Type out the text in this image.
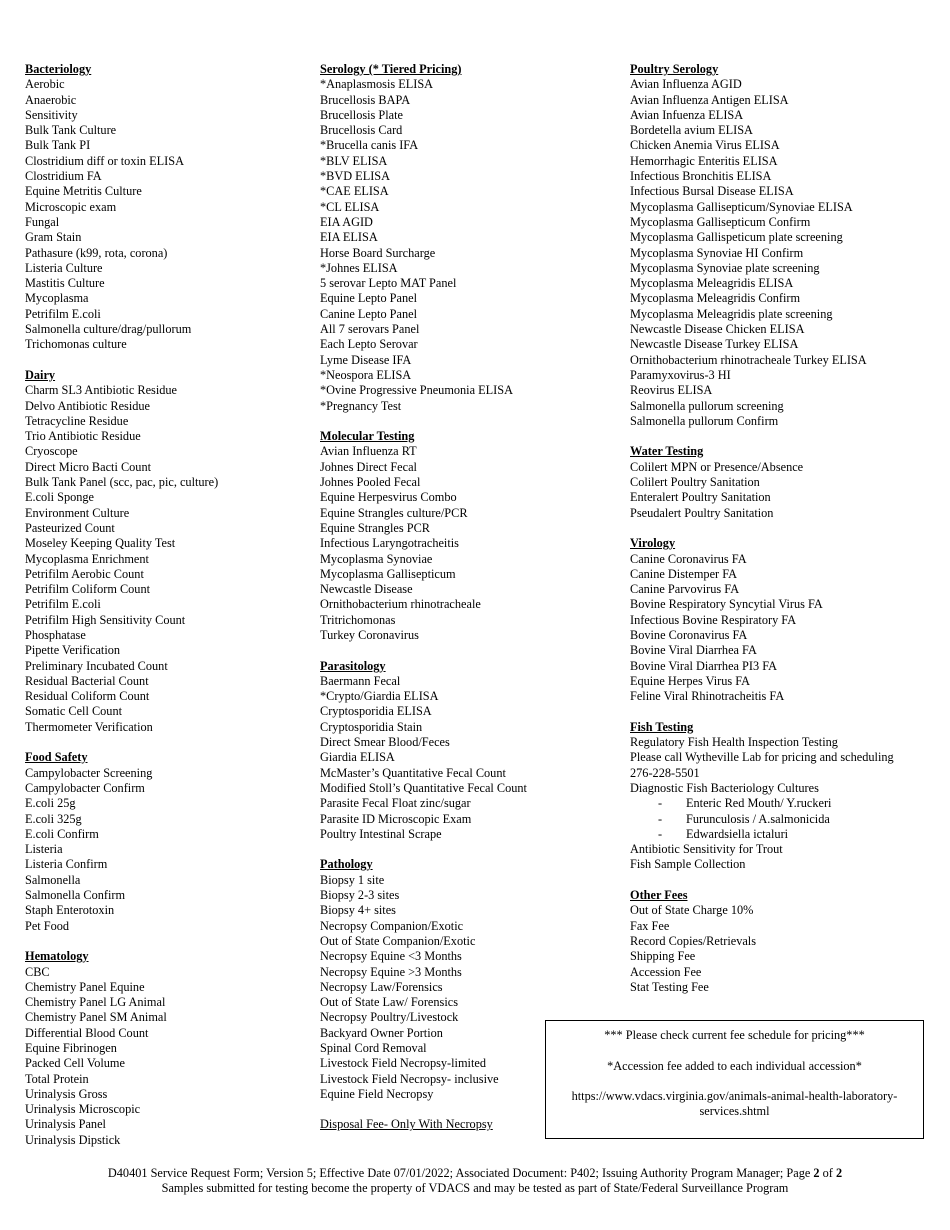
Bacteriology
Aerobic
Anaerobic
Sensitivity
Bulk Tank Culture
Bulk Tank PI
Clostridium diff or toxin ELISA
Clostridium FA
Equine Metritis Culture
Microscopic exam
Fungal
Gram Stain
Pathasure (k99, rota, corona)
Listeria Culture
Mastitis Culture
Mycoplasma
Petrifilm E.coli
Salmonella culture/drag/pullorum
Trichomonas culture
Dairy
Charm SL3 Antibiotic Residue
Delvo Antibiotic Residue
Tetracycline Residue
Trio Antibiotic Residue
Cryoscope
Direct Micro Bacti Count
Bulk Tank Panel (scc, pac, pic, culture)
E.coli Sponge
Environment Culture
Pasteurized Count
Moseley Keeping Quality Test
Mycoplasma Enrichment
Petrifilm Aerobic Count
Petrifilm Coliform Count
Petrifilm E.coli
Petrifilm High Sensitivity Count
Phosphatase
Pipette Verification
Preliminary Incubated Count
Residual Bacterial Count
Residual Coliform Count
Somatic Cell Count
Thermometer Verification
Food Safety
Campylobacter Screening
Campylobacter Confirm
E.coli 25g
E.coli 325g
E.coli Confirm
Listeria
Listeria Confirm
Salmonella
Salmonella Confirm
Staph Enterotoxin
Pet Food
Hematology
CBC
Chemistry Panel Equine
Chemistry Panel LG Animal
Chemistry Panel SM Animal
Differential Blood Count
Equine Fibrinogen
Packed Cell Volume
Total Protein
Urinalysis Gross
Urinalysis Microscopic
Urinalysis Panel
Urinalysis Dipstick
Serology (* Tiered Pricing)
*Anaplasmosis ELISA
Brucellosis BAPA
Brucellosis Plate
Brucellosis Card
*Brucella canis IFA
*BLV ELISA
*BVD ELISA
*CAE ELISA
*CL ELISA
EIA AGID
EIA ELISA
Horse Board Surcharge
*Johnes ELISA
5 serovar Lepto MAT Panel
Equine Lepto Panel
Canine Lepto Panel
All 7 serovars Panel
Each Lepto Serovar
Lyme Disease IFA
*Neospora ELISA
*Ovine Progressive Pneumonia ELISA
*Pregnancy Test
Molecular Testing
Avian Influenza RT
Johnes Direct Fecal
Johnes Pooled Fecal
Equine Herpesvirus Combo
Equine Strangles culture/PCR
Equine Strangles PCR
Infectious Laryngotracheitis
Mycoplasma Synoviae
Mycoplasma Gallisepticum
Newcastle Disease
Ornithobacterium rhinotracheale
Tritrichomonas
Turkey Coronavirus
Parasitology
Baermann Fecal
*Crypto/Giardia ELISA
Cryptosporidia ELISA
Cryptosporidia Stain
Direct Smear Blood/Feces
Giardia ELISA
McMaster’s Quantitative Fecal Count
Modified Stoll’s Quantitative Fecal Count
Parasite Fecal Float zinc/sugar
Parasite ID Microscopic Exam
Poultry Intestinal Scrape
Pathology
Biopsy 1 site
Biopsy 2-3 sites
Biopsy 4+ sites
Necropsy Companion/Exotic
Out of State Companion/Exotic
Necropsy Equine <3 Months
Necropsy Equine >3 Months
Necropsy Law/Forensics
Out of State Law/ Forensics
Necropsy Poultry/Livestock
Backyard Owner Portion
Spinal Cord Removal
Livestock Field Necropsy-limited
Livestock Field Necropsy- inclusive
Equine Field Necropsy
Disposal Fee- Only With Necropsy
Poultry Serology
Avian Influenza AGID
Avian Influenza Antigen ELISA
Avian Infuenza ELISA
Bordetella avium ELISA
Chicken Anemia Virus ELISA
Hemorrhagic Enteritis ELISA
Infectious Bronchitis ELISA
Infectious Bursal Disease ELISA
Mycoplasma Gallisepticum/Synoviae ELISA
Mycoplasma Gallisepticum Confirm
Mycoplasma Gallispeticum plate screening
Mycoplasma Synoviae HI Confirm
Mycoplasma Synoviae plate screening
Mycoplasma Meleagridis ELISA
Mycoplasma Meleagridis Confirm
Mycoplasma Meleagridis plate screening
Newcastle Disease Chicken ELISA
Newcastle Disease Turkey ELISA
Ornithobacterium rhinotracheale Turkey ELISA
Paramyxovirus-3 HI
Reovirus ELISA
Salmonella pullorum screening
Salmonella pullorum Confirm
Water Testing
Colilert MPN or Presence/Absence
Colilert Poultry Sanitation
Enteralert Poultry Sanitation
Pseudalert Poultry Sanitation
Virology
Canine Coronavirus FA
Canine Distemper FA
Canine Parvovirus FA
Bovine Respiratory Syncytial Virus FA
Infectious Bovine Respiratory FA
Bovine Coronavirus FA
Bovine Viral Diarrhea FA
Bovine Viral Diarrhea PI3 FA
Equine Herpes Virus FA
Feline Viral Rhinotracheitis FA
Fish Testing
Regulatory Fish Health Inspection Testing
Please call Wytheville Lab for pricing and scheduling
276-228-5501
Diagnostic Fish Bacteriology Cultures
- Enteric Red Mouth/ Y.ruckeri
- Furunculosis / A.salmonicida
- Edwardsiella ictaluri
Antibiotic Sensitivity for Trout
Fish Sample Collection
Other Fees
Out of State Charge 10%
Fax Fee
Record Copies/Retrievals
Shipping Fee
Accession Fee
Stat Testing Fee

*** Please check current fee schedule for pricing***

*Accession fee added to each individual accession*

https://www.vdacs.virginia.gov/animals-animal-health-laboratory-services.shtml

D40401 Service Request Form; Version 5; Effective Date 07/01/2022; Associated Document: P402; Issuing Authority Program Manager; Page 2 of 2
Samples submitted for testing become the property of VDACS and may be tested as part of State/Federal Surveillance Program
